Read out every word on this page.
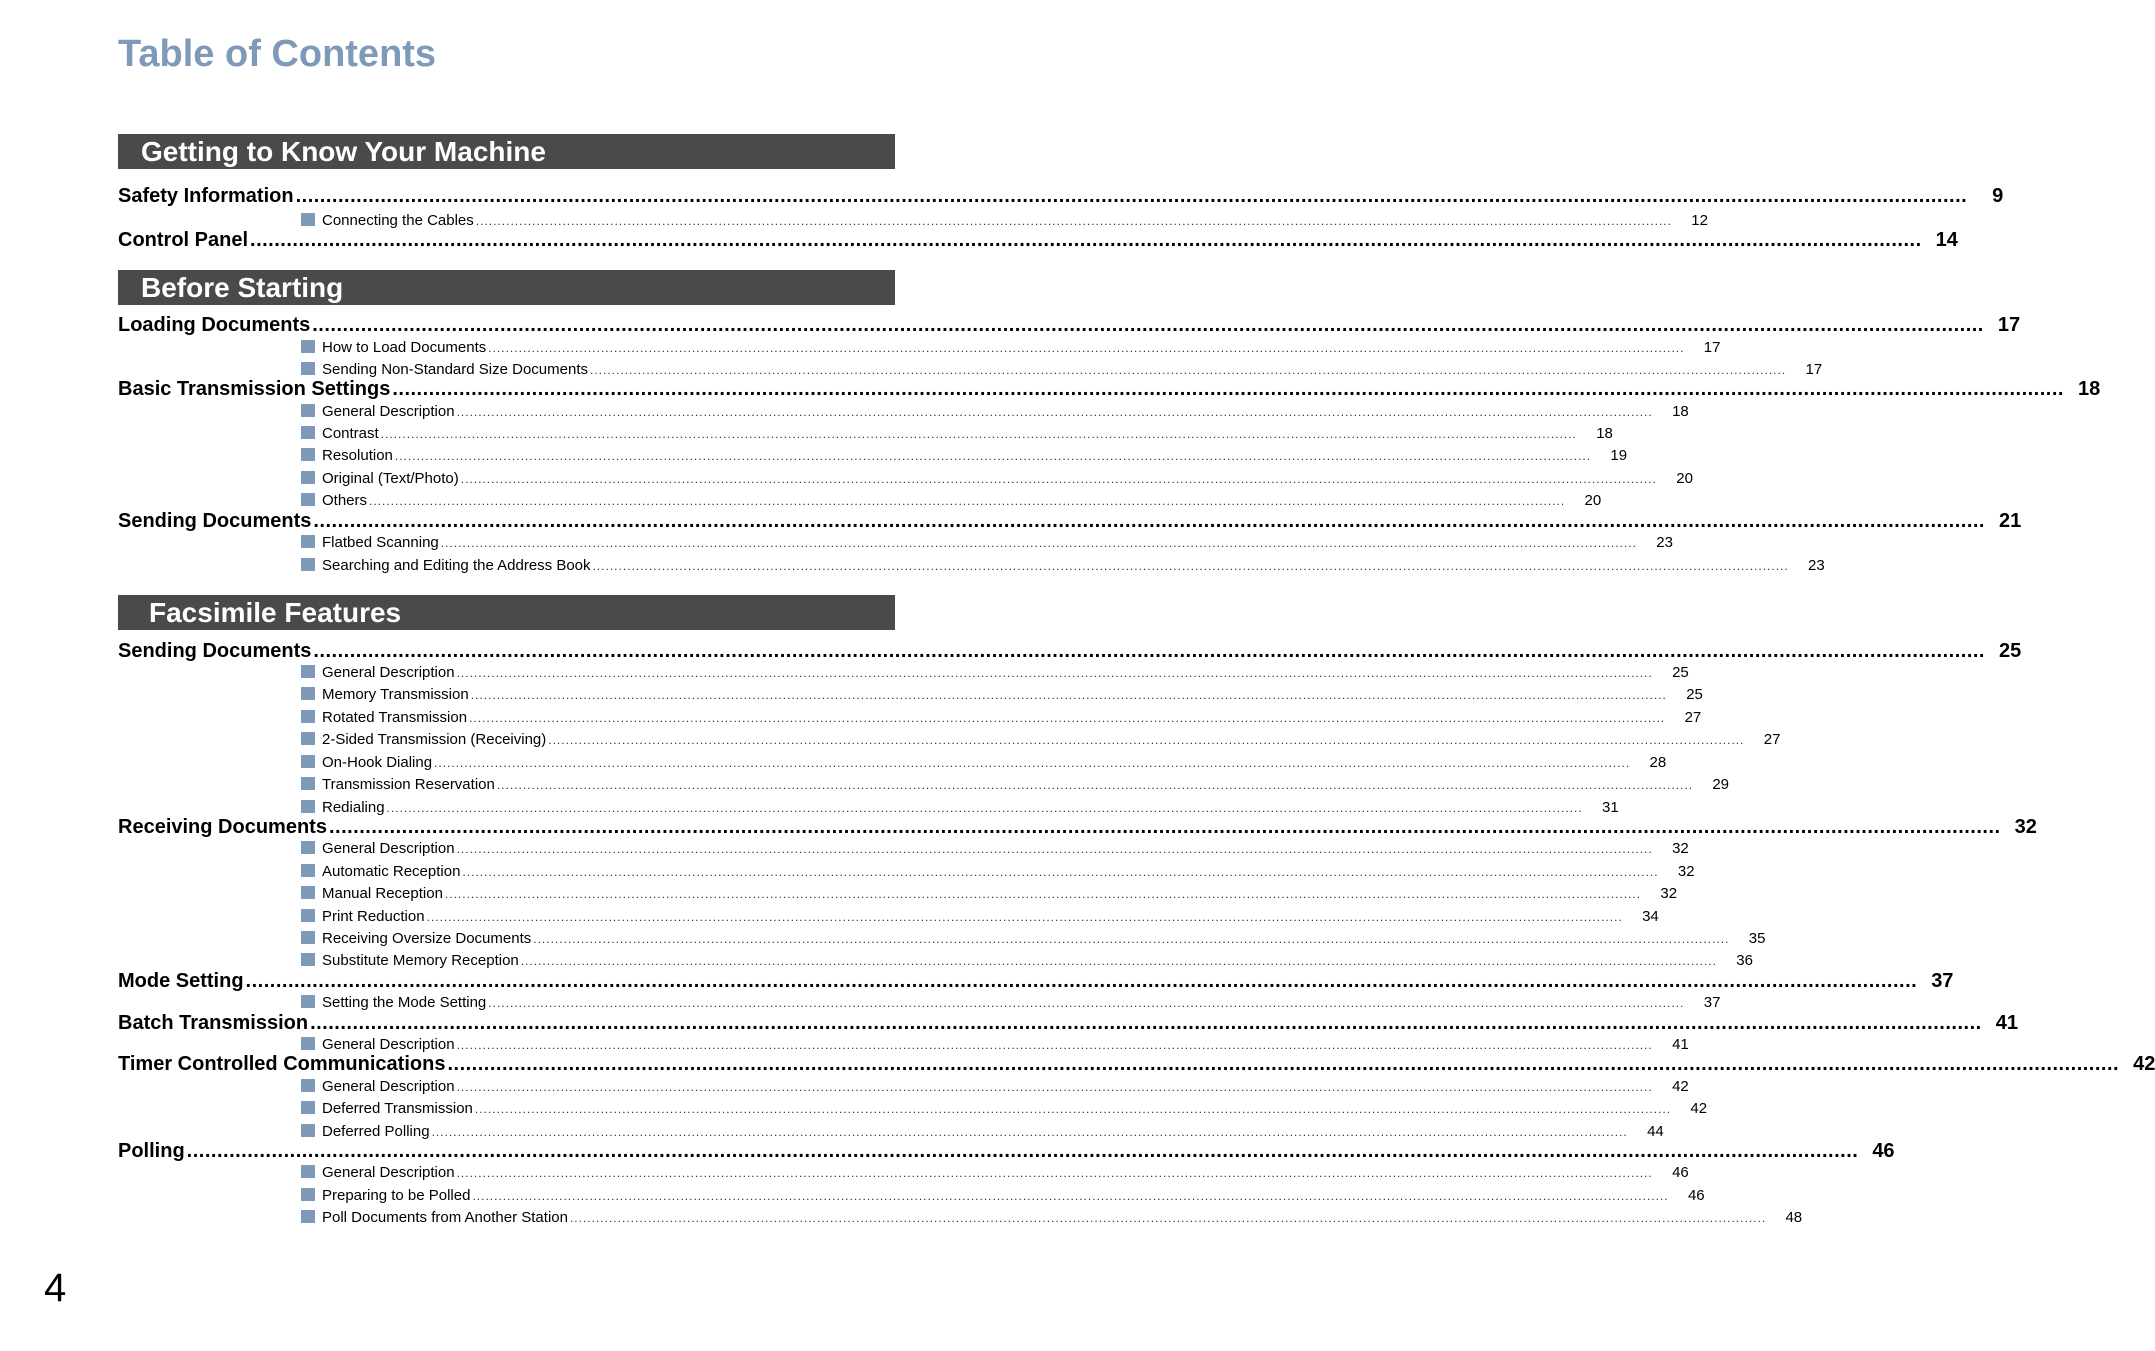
Table of Contents
Getting to Know Your Machine
Safety Information ....................................................................................................................................................................................................................................................................................	9
Connecting the Cables ....................................................................................................................................................................................................................................................................................	12
Control Panel .................................................................................................................................................................................................................................................................................... 14
Before Starting
Loading Documents .................................................................................................................................................................................................................................................................................... 17
How to Load Documents ....................................................................................................................................................................................................................................................................................	17
Sending Non-Standard Size Documents ....................................................................................................................................................................................................................................................................................	17
Basic Transmission Settings .................................................................................................................................................................................................................................................................................... 18
General Description ....................................................................................................................................................................................................................................................................................	18
Contrast ....................................................................................................................................................................................................................................................................................	18
Resolution ....................................................................................................................................................................................................................................................................................	19
Original (Text/Photo) ....................................................................................................................................................................................................................................................................................	20
Others ....................................................................................................................................................................................................................................................................................	20
Sending Documents .................................................................................................................................................................................................................................................................................... 21
Flatbed Scanning ....................................................................................................................................................................................................................................................................................	23
Searching and Editing the Address Book ....................................................................................................................................................................................................................................................................................	23
Facsimile Features
Sending Documents .................................................................................................................................................................................................................................................................................... 25
General Description ....................................................................................................................................................................................................................................................................................	25
Memory Transmission ....................................................................................................................................................................................................................................................................................	25
Rotated Transmission ....................................................................................................................................................................................................................................................................................	27
2-Sided Transmission (Receiving) ....................................................................................................................................................................................................................................................................................	27
On-Hook Dialing ....................................................................................................................................................................................................................................................................................	28
Transmission Reservation ....................................................................................................................................................................................................................................................................................	29
Redialing ....................................................................................................................................................................................................................................................................................	31
Receiving Documents .................................................................................................................................................................................................................................................................................... 32
General Description ....................................................................................................................................................................................................................................................................................	32
Automatic Reception ....................................................................................................................................................................................................................................................................................	32
Manual Reception ....................................................................................................................................................................................................................................................................................	32
Print Reduction ....................................................................................................................................................................................................................................................................................	34
Receiving Oversize Documents ....................................................................................................................................................................................................................................................................................	35
Substitute Memory Reception ....................................................................................................................................................................................................................................................................................	36
Mode Setting .................................................................................................................................................................................................................................................................................... 37
Setting the Mode Setting ....................................................................................................................................................................................................................................................................................	37
Batch Transmission .................................................................................................................................................................................................................................................................................... 41
General Description ....................................................................................................................................................................................................................................................................................	41
Timer Controlled Communications .................................................................................................................................................................................................................................................................................... 42
General Description ....................................................................................................................................................................................................................................................................................	42
Deferred Transmission ....................................................................................................................................................................................................................................................................................	42
Deferred Polling ....................................................................................................................................................................................................................................................................................	44
Polling .................................................................................................................................................................................................................................................................................... 46
General Description ....................................................................................................................................................................................................................................................................................	46
Preparing to be Polled ....................................................................................................................................................................................................................................................................................	46
Poll Documents from Another Station ....................................................................................................................................................................................................................................................................................	48
4
